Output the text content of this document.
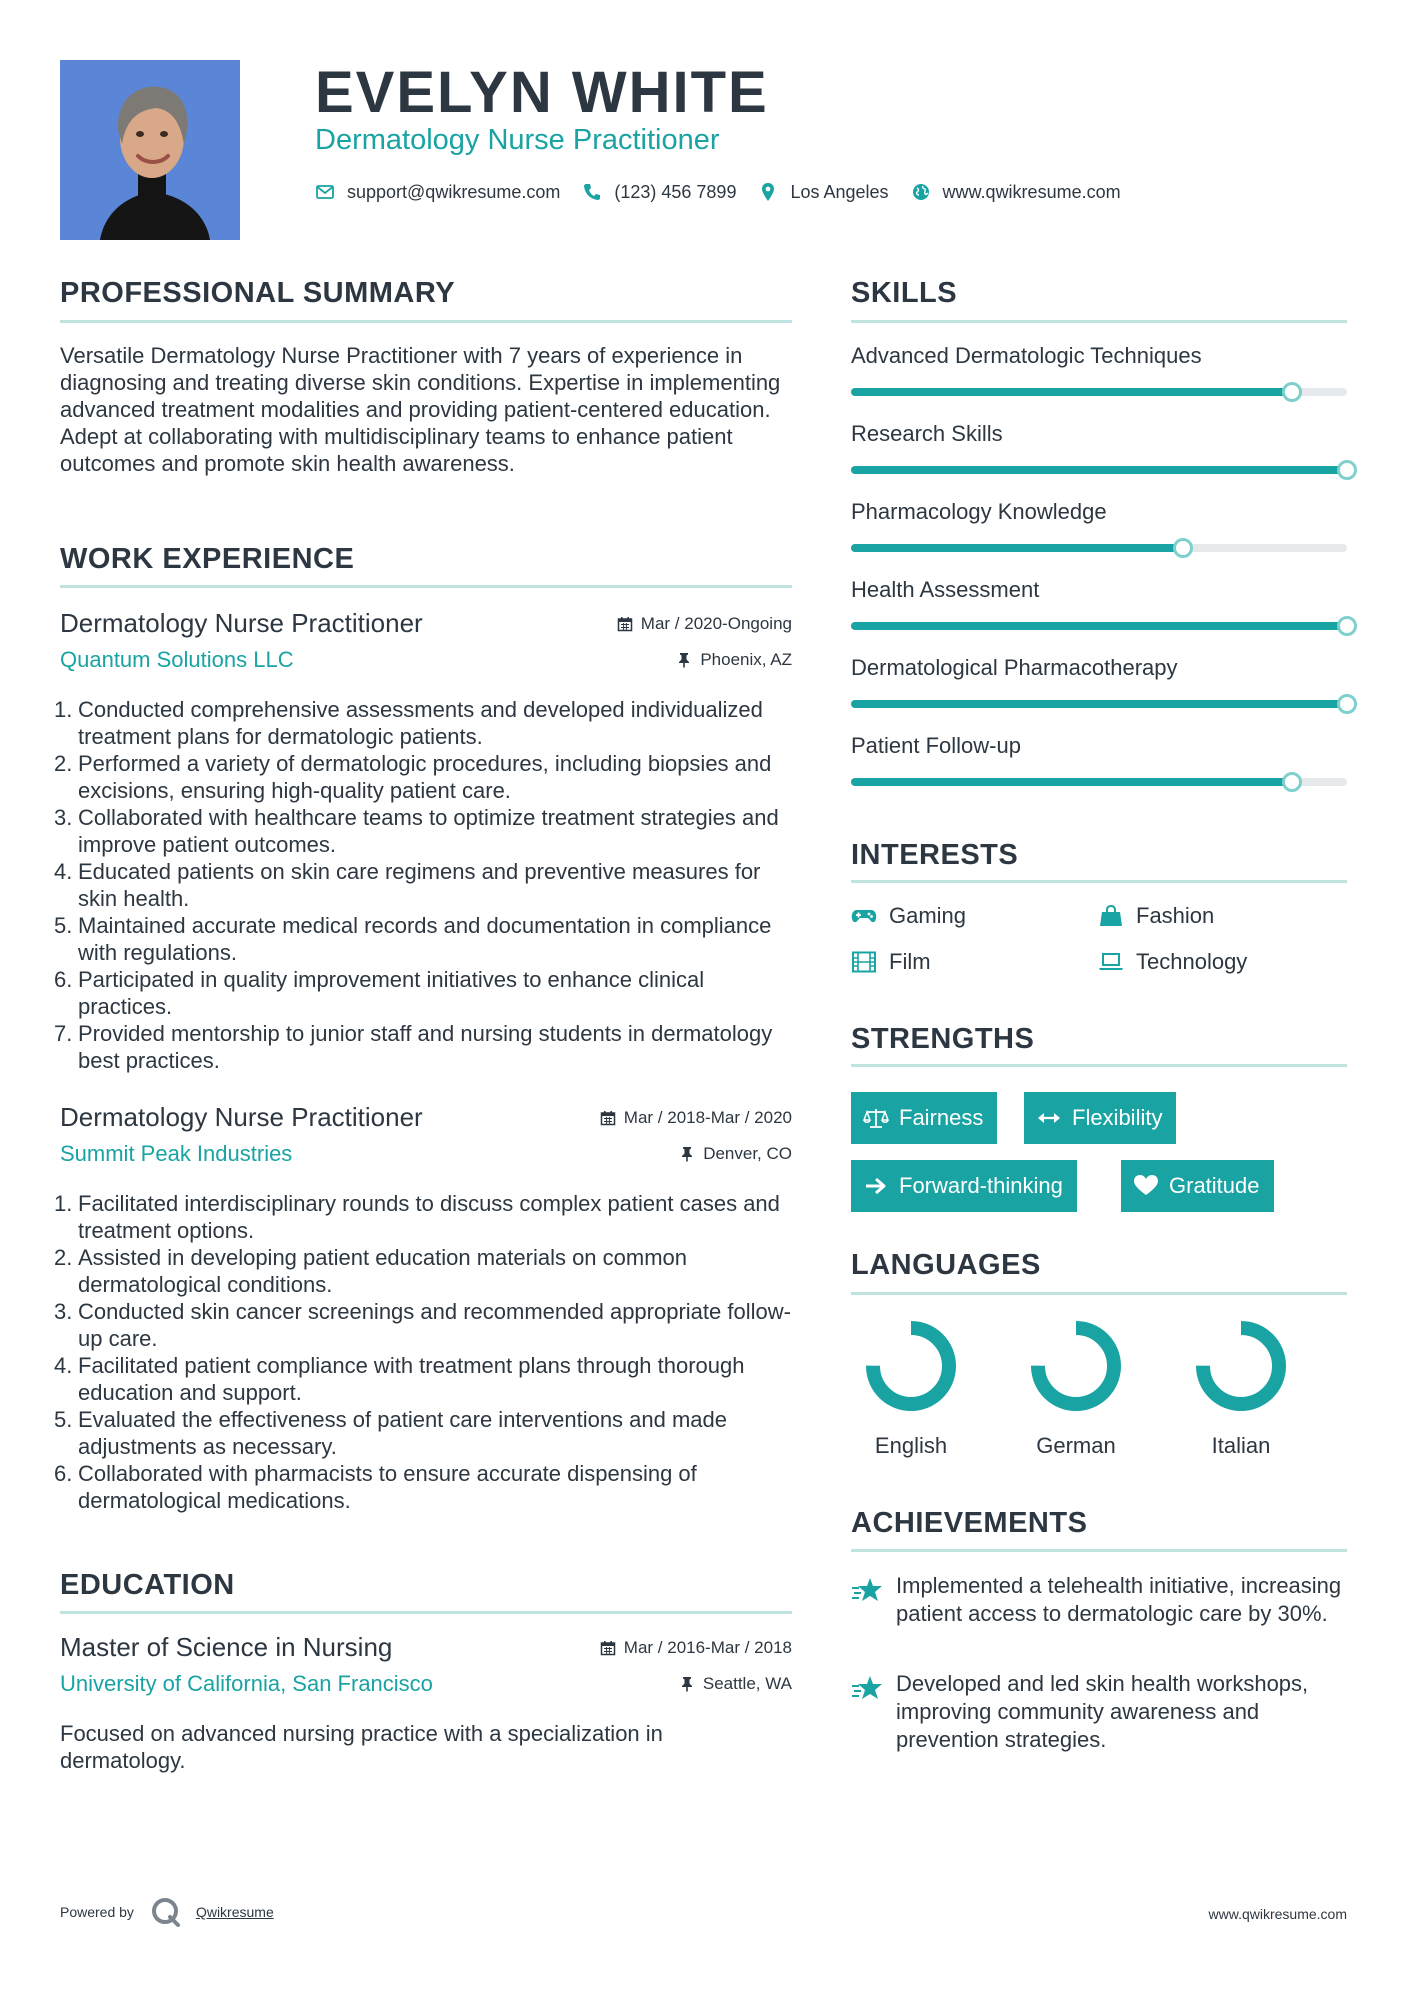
EVELYN WHITE
Dermatology Nurse Practitioner
support@qwikresume.com	(123) 456 7899	Los Angeles	www.qwikresume.com
PROFESSIONAL SUMMARY
Versatile Dermatology Nurse Practitioner with 7 years of experience in diagnosing and treating diverse skin conditions. Expertise in implementing advanced treatment modalities and providing patient-centered education. Adept at collaborating with multidisciplinary teams to enhance patient outcomes and promote skin health awareness.
WORK EXPERIENCE
Dermatology Nurse Practitioner	Mar / 2020-Ongoing
Quantum Solutions LLC	Phoenix, AZ
1. Conducted comprehensive assessments and developed individualized treatment plans for dermatologic patients.
2. Performed a variety of dermatologic procedures, including biopsies and excisions, ensuring high-quality patient care.
3. Collaborated with healthcare teams to optimize treatment strategies and improve patient outcomes.
4. Educated patients on skin care regimens and preventive measures for skin health.
5. Maintained accurate medical records and documentation in compliance with regulations.
6. Participated in quality improvement initiatives to enhance clinical practices.
7. Provided mentorship to junior staff and nursing students in dermatology best practices.
Dermatology Nurse Practitioner	Mar / 2018-Mar / 2020
Summit Peak Industries	Denver, CO
1. Facilitated interdisciplinary rounds to discuss complex patient cases and treatment options.
2. Assisted in developing patient education materials on common dermatological conditions.
3. Conducted skin cancer screenings and recommended appropriate follow-up care.
4. Facilitated patient compliance with treatment plans through thorough education and support.
5. Evaluated the effectiveness of patient care interventions and made adjustments as necessary.
6. Collaborated with pharmacists to ensure accurate dispensing of dermatological medications.
EDUCATION
Master of Science in Nursing	Mar / 2016-Mar / 2018
University of California, San Francisco	Seattle, WA
Focused on advanced nursing practice with a specialization in dermatology.
SKILLS
Advanced Dermatologic Techniques
Research Skills
Pharmacology Knowledge
Health Assessment
Dermatological Pharmacotherapy
Patient Follow-up
INTERESTS
Gaming	Fashion
Film	Technology
STRENGTHS
Fairness	Flexibility
Forward-thinking	Gratitude
LANGUAGES
English	German	Italian
ACHIEVEMENTS
Implemented a telehealth initiative, increasing patient access to dermatologic care by 30%.
Developed and led skin health workshops, improving community awareness and prevention strategies.
Powered by	Qwikresume	www.qwikresume.com
